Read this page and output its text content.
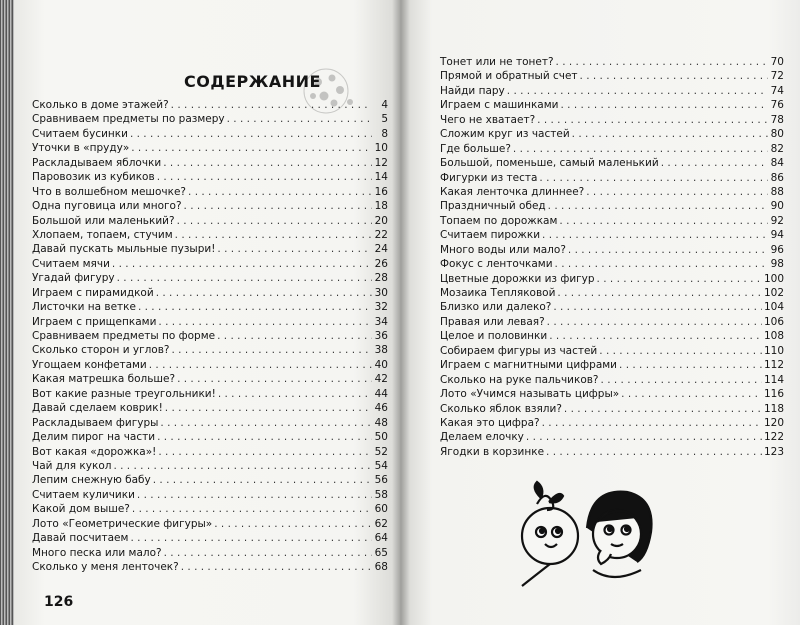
СОДЕРЖАНИЕ
Сколько в доме этажей? . . .	4
Сравниваем предметы по размеру . . .	5
Считаем бусинки . . .	8
Уточки в «пруду» . . .	10
Раскладываем яблочки . . .	12
Паровозик из кубиков . . .	14
Что в волшебном мешочке? . . .	16
Одна пуговица или много? . . .	18
Большой или маленький? . . .	20
Хлопаем, топаем, стучим . . .	22
Давай пускать мыльные пузыри! . . .	24
Считаем мячи . . .	26
Угадай фигуру . . .	28
Играем с пирамидкой . . .	30
Листочки на ветке . . .	32
Играем с прищепками . . .	34
Сравниваем предметы по форме . . .	36
Сколько сторон и углов? . . .	38
Угощаем конфетами . . .	40
Какая матрешка больше? . . .	42
Вот какие разные треугольники! . . .	44
Давай сделаем коврик! . . .	46
Раскладываем фигуры . . .	48
Делим пирог на части . . .	50
Вот какая «дорожка»! . . .	52
Чай для кукол . . .	54
Лепим снежную бабу . . .	56
Считаем куличики . . .	58
Какой дом выше? . . .	60
Лото «Геометрические фигуры» . . .	62
Давай посчитаем . . .	64
Много песка или мало? . . .	65
Сколько у меня ленточек? . . .	68
126
Тонет или не тонет? . . .	70
Прямой и обратный счет . . .	72
Найди пару . . .	74
Играем с машинками . . .	76
Чего не хватает? . . .	78
Сложим круг из частей . . .	80
Где больше? . . .	82
Большой, поменьше, самый маленький . . .	84
Фигурки из теста . . .	86
Какая ленточка длиннее? . . .	88
Праздничный обед . . .	90
Топаем по дорожкам . . .	92
Считаем пирожки . . .	94
Много воды или мало? . . .	96
Фокус с ленточками . . .	98
Цветные дорожки из фигур . . .	100
Мозаика Тепляковой . . .	102
Близко или далеко? . . .	104
Правая или левая? . . .	106
Целое и половинки . . .	108
Собираем фигуры из частей . . .	110
Играем с магнитными цифрами . . .	112
Сколько на руке пальчиков? . . .	114
Лото «Учимся называть цифры» . . .	116
Сколько яблок взяли? . . .	118
Какая это цифра? . . .	120
Делаем елочку . . .	122
Ягодки в корзинке . . .	123
